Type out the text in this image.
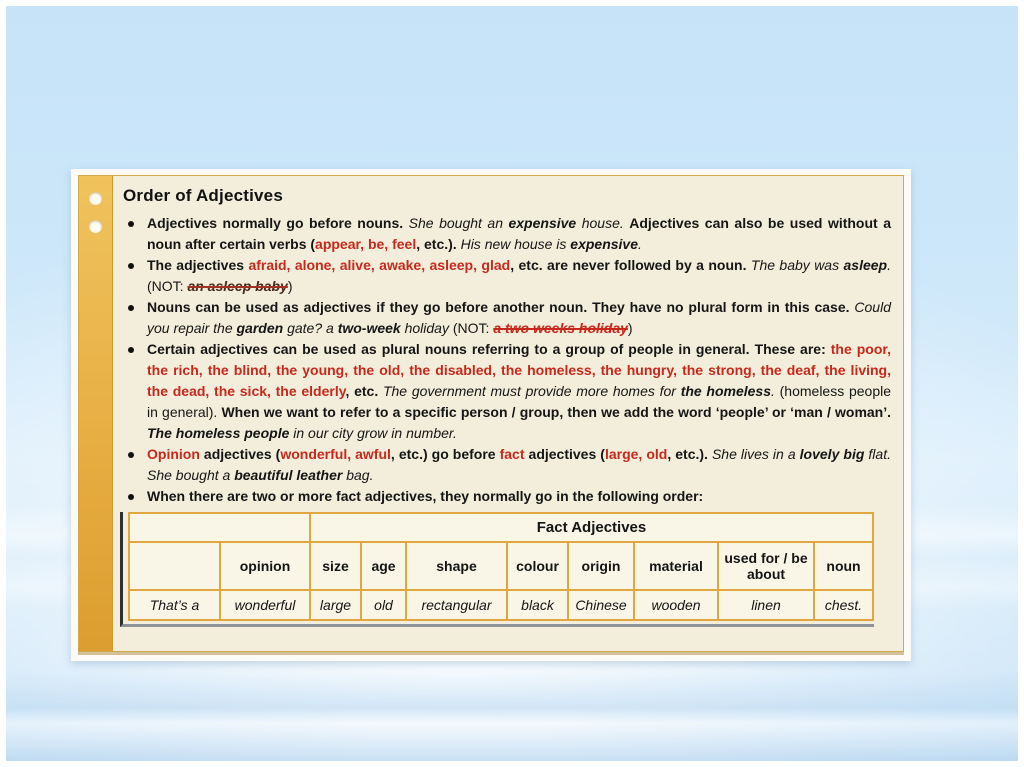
Order of Adjectives
Adjectives normally go before nouns. She bought an expensive house. Adjectives can also be used without a noun after certain verbs (appear, be, feel, etc.). His new house is expensive.
The adjectives afraid, alone, alive, awake, asleep, glad, etc. are never followed by a noun. The baby was asleep. (NOT: an asleep baby)
Nouns can be used as adjectives if they go before another noun. They have no plural form in this case. Could you repair the garden gate? a two-week holiday (NOT: a two weeks holiday)
Certain adjectives can be used as plural nouns referring to a group of people in general. These are: the poor, the rich, the blind, the young, the old, the disabled, the homeless, the hungry, the strong, the deaf, the living, the dead, the sick, the elderly, etc. The government must provide more homes for the homeless. (homeless people in general). When we want to refer to a specific person / group, then we add the word ‘people’ or ‘man / woman’. The homeless people in our city grow in number.
Opinion adjectives (wonderful, awful, etc.) go before fact adjectives (large, old, etc.). She lives in a lovely big flat. She bought a beautiful leather bag.
When there are two or more fact adjectives, they normally go in the following order:
		Fact Adjectives							
	opinion	size	age	shape	colour	origin	material	used for / be about	noun
That’s a	wonderful	large	old	rectangular	black	Chinese	wooden	linen	chest.
